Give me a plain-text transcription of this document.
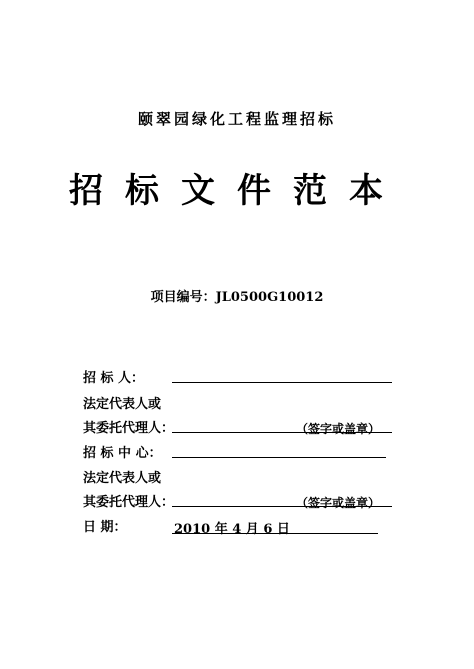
颐翠园绿化工程监理招标
招标文件范本
项目编号：JL0500G10012
招 标 人：
法定代表人或
其委托代理人：	（签字或盖章）
招 标 中 心：
法定代表人或
其委托代理人：	（签字或盖章）
日 期：	2010 年 4 月 6 日
